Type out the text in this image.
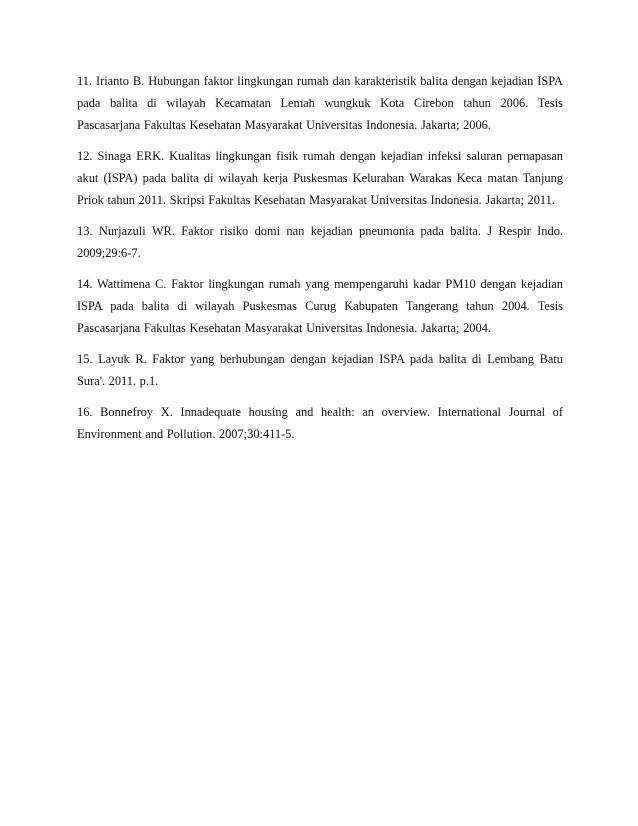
11. Irianto B. Hubungan faktor lingkungan rumah dan karakteristik balita dengan kejadian ISPA pada balita di wilayah Kecamatan Lemah wungkuk Kota Cirebon tahun 2006. Tesis Pascasarjana Fakultas Kesehatan Masyarakat Universitas Indonesia. Jakarta; 2006.
12. Sinaga ERK. Kualitas lingkungan fisik rumah dengan kejadian infeksi saluran pernapasan akut (ISPA) pada balita di wilayah kerja Puskesmas Kelurahan Warakas Keca matan Tanjung Priok tahun 2011. Skripsi Fakultas Kesehatan Masyarakat Universitas Indonesia. Jakarta; 2011.
13. Nurjazuli WR. Faktor risiko domi nan kejadian pneumonia pada balita. J Respir Indo. 2009;29:6-7.
14. Wattimena C. Faktor lingkungan rumah yang mempengaruhi kadar PM10 dengan kejadian ISPA pada balita di wilayah Puskesmas Curug Kabupaten Tangerang tahun 2004. Tesis Pascasarjana Fakultas Kesehatan Masyarakat Universitas Indonesia. Jakarta; 2004.
15. Layuk R. Faktor yang berhubungan dengan kejadian ISPA pada balita di Lembang Batu Sura'. 2011. p.1.
16. Bonnefroy X. Innadequate housing and health: an overview. International Journal of Environment and Pollution. 2007;30:411-5.
